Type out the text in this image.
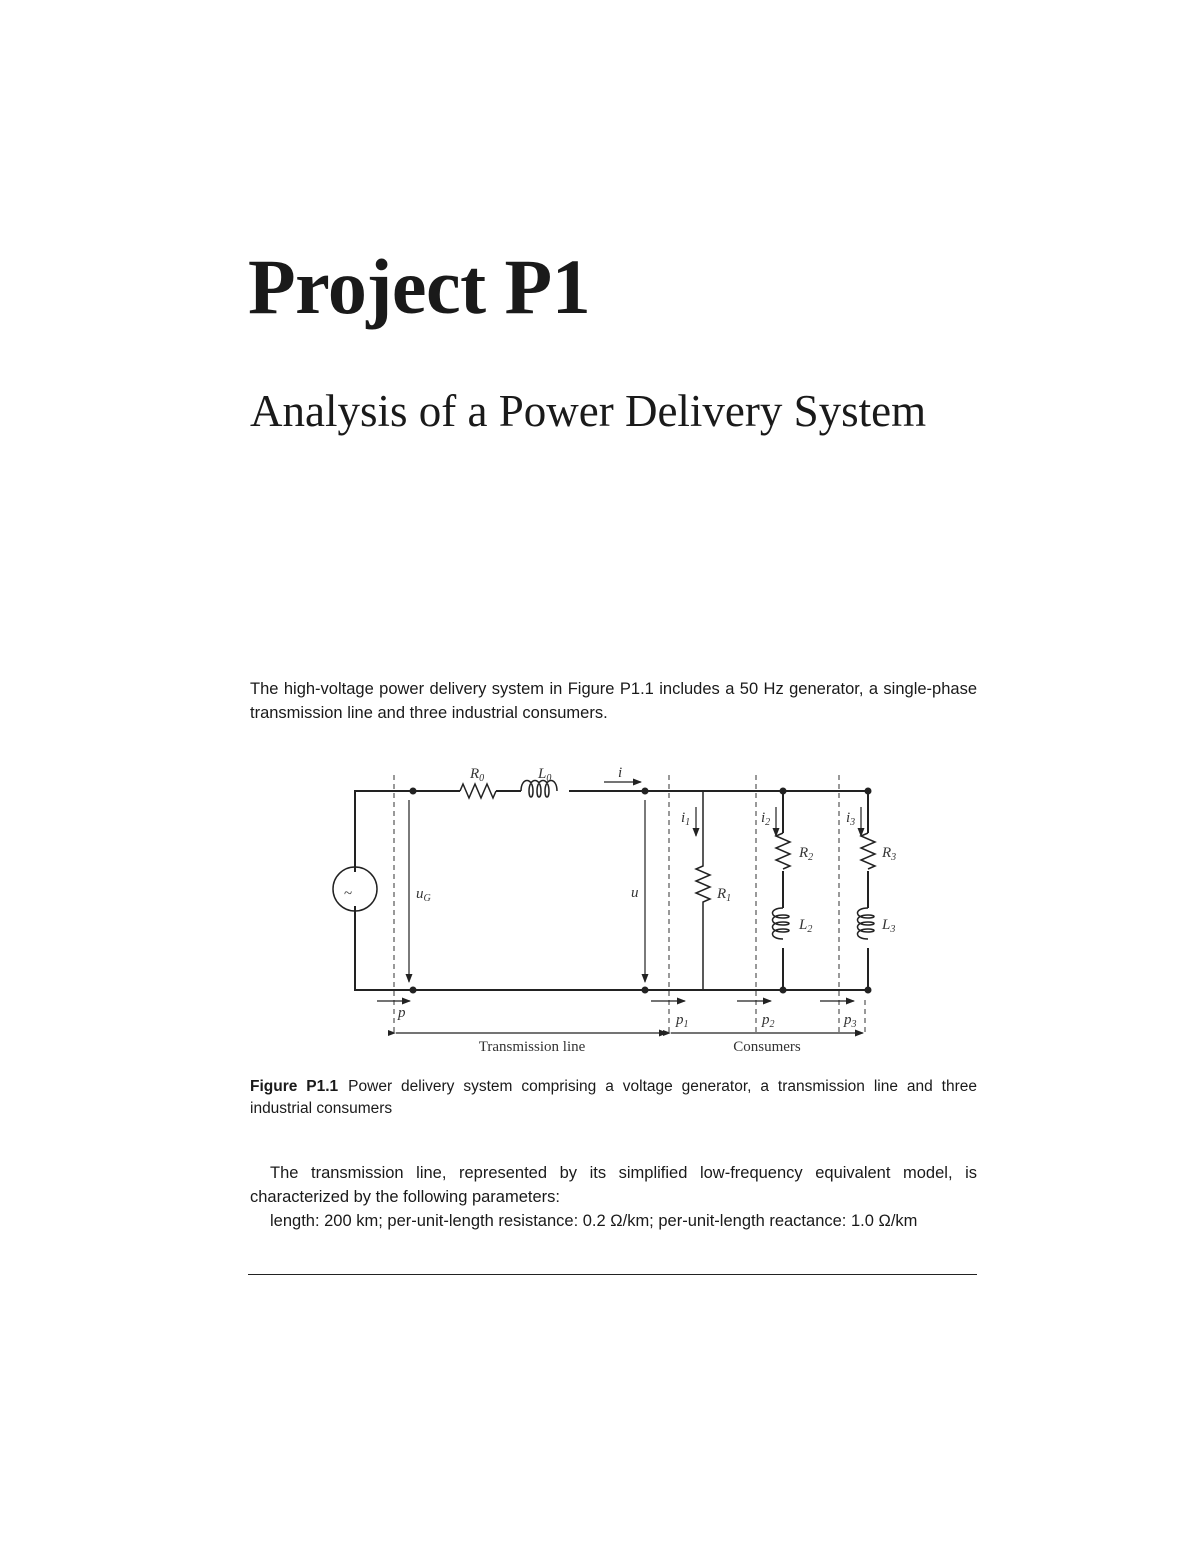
Project P1
Analysis of a Power Delivery System

The high-voltage power delivery system in Figure P1.1 includes a 50 Hz generator, a single-phase transmission line and three industrial consumers.

$R_0$	$L_0$	i
$i_1$	$i_2$	$i_3$
$R_1$
$R_2$	$R_3$
$L_2$	$L_3$
$u_G$	u
~
p	$p_1$	$p_2$	$p_3$
Transmission line	Consumers

Figure P1.1 Power delivery system comprising a voltage generator, a transmission line and three industrial consumers

The transmission line, represented by its simplified low-frequency equivalent model, is characterized by the following parameters:

length: 200 km; per-unit-length resistance: 0.2 Ω/km; per-unit-length reactance: 1.0 Ω/km
